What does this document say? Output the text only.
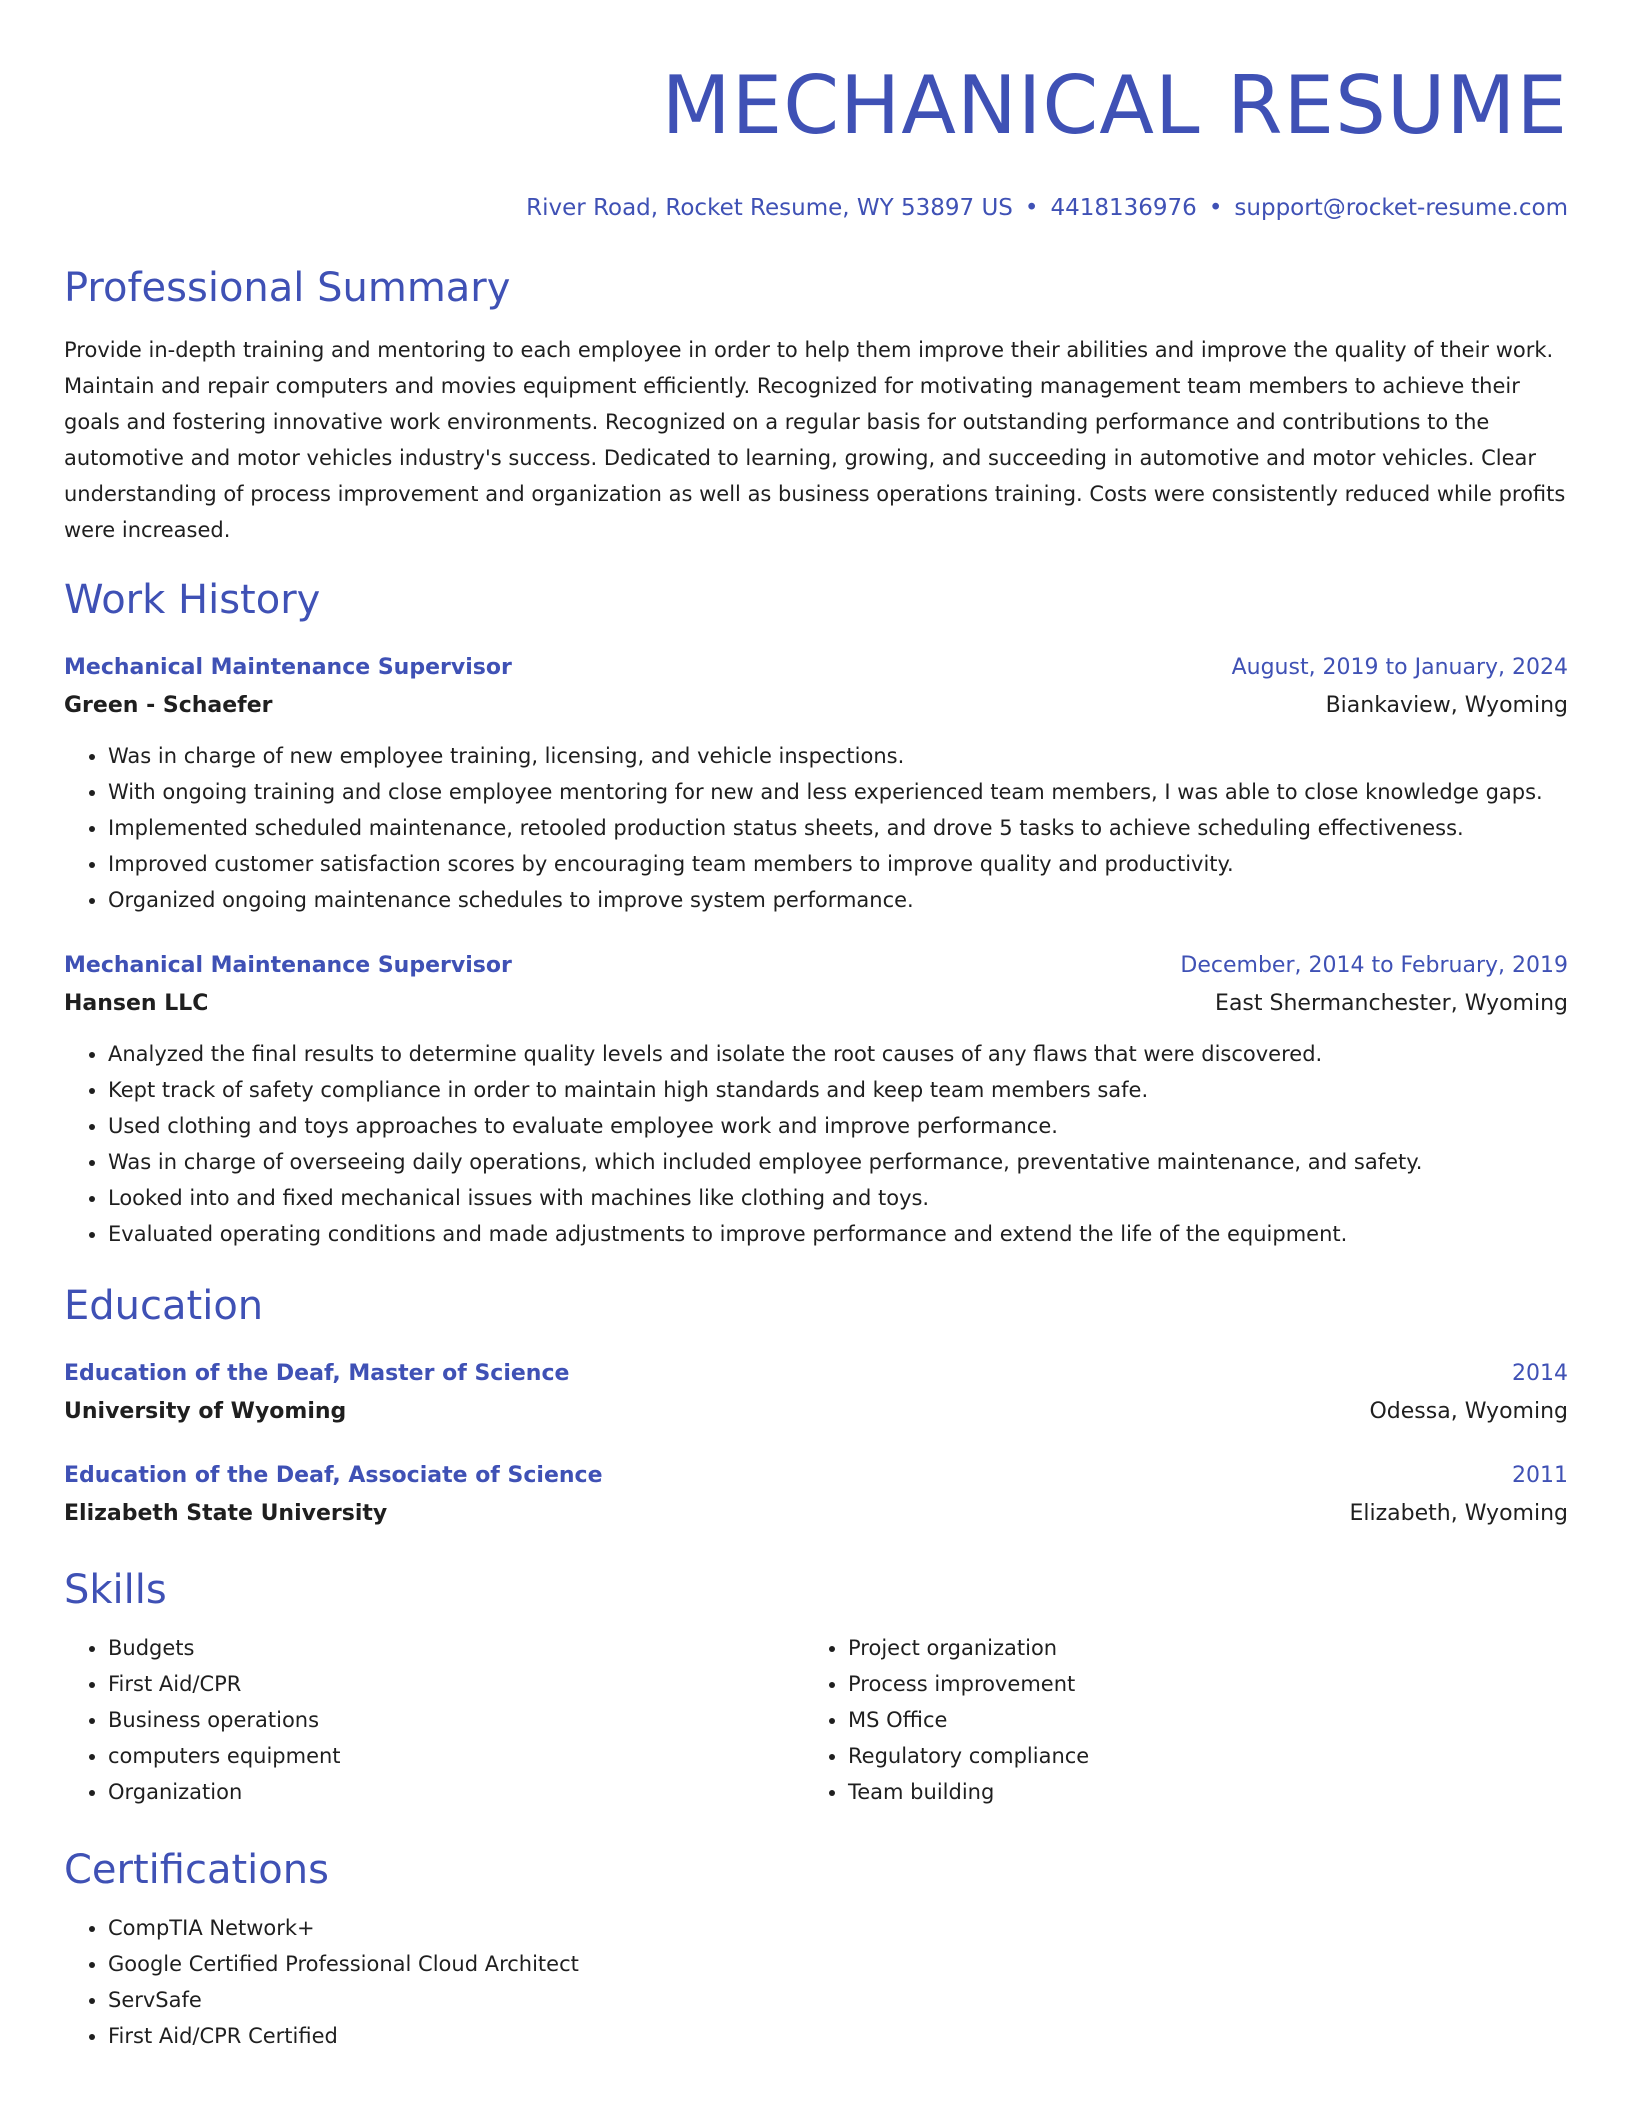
MECHANICAL RESUME
River Road, Rocket Resume, WY 53897 US • 4418136976 • support@rocket-resume.com
Professional Summary
Provide in-depth training and mentoring to each employee in order to help them improve their abilities and improve the quality of their work. Maintain and repair computers and movies equipment efficiently. Recognized for motivating management team members to achieve their goals and fostering innovative work environments. Recognized on a regular basis for outstanding performance and contributions to the automotive and motor vehicles industry's success. Dedicated to learning, growing, and succeeding in automotive and motor vehicles. Clear understanding of process improvement and organization as well as business operations training. Costs were consistently reduced while profits were increased.
Work History
Mechanical Maintenance Supervisor	August, 2019 to January, 2024
Green - Schaefer	Biankaview, Wyoming
• Was in charge of new employee training, licensing, and vehicle inspections.
• With ongoing training and close employee mentoring for new and less experienced team members, I was able to close knowledge gaps.
• Implemented scheduled maintenance, retooled production status sheets, and drove 5 tasks to achieve scheduling effectiveness.
• Improved customer satisfaction scores by encouraging team members to improve quality and productivity.
• Organized ongoing maintenance schedules to improve system performance.
Mechanical Maintenance Supervisor	December, 2014 to February, 2019
Hansen LLC	East Shermanchester, Wyoming
• Analyzed the final results to determine quality levels and isolate the root causes of any flaws that were discovered.
• Kept track of safety compliance in order to maintain high standards and keep team members safe.
• Used clothing and toys approaches to evaluate employee work and improve performance.
• Was in charge of overseeing daily operations, which included employee performance, preventative maintenance, and safety.
• Looked into and fixed mechanical issues with machines like clothing and toys.
• Evaluated operating conditions and made adjustments to improve performance and extend the life of the equipment.
Education
Education of the Deaf, Master of Science	2014
University of Wyoming	Odessa, Wyoming
Education of the Deaf, Associate of Science	2011
Elizabeth State University	Elizabeth, Wyoming
Skills
• Budgets
• First Aid/CPR
• Business operations
• computers equipment
• Organization
• Project organization
• Process improvement
• MS Office
• Regulatory compliance
• Team building
Certifications
• CompTIA Network+
• Google Certified Professional Cloud Architect
• ServSafe
• First Aid/CPR Certified
